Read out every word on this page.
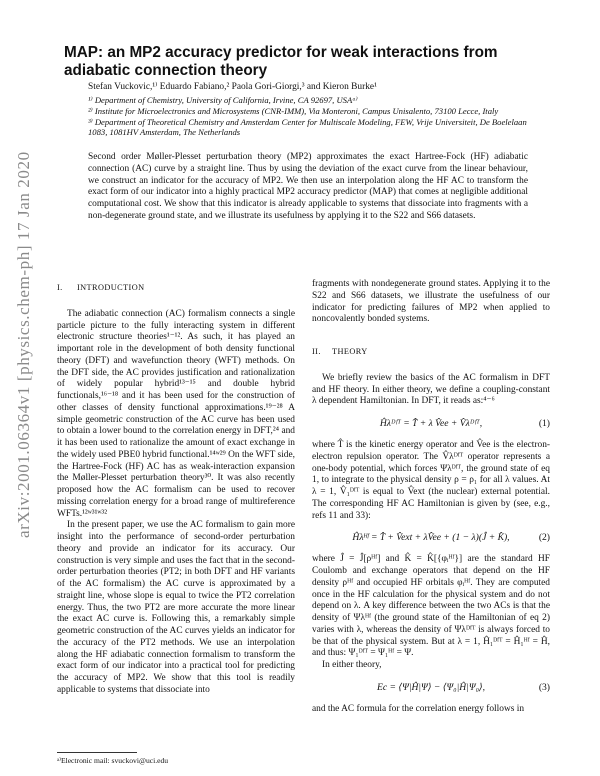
arXiv:2001.06364v1 [physics.chem-ph] 17 Jan 2020
MAP: an MP2 accuracy predictor for weak interactions from adiabatic connection theory
Stefan Vuckovic,¹⁾ Eduardo Fabiano,² Paola Gori-Giorgi,³ and Kieron Burke¹

¹⁾ Department of Chemistry, University of California, Irvine, CA 92697, USAᵃ⁾

²⁾ Institute for Microelectronics and Microsystems (CNR-IMM), Via Monteroni, Campus Unisalento, 73100 Lecce, Italy

³⁾ Department of Theoretical Chemistry and Amsterdam Center for Multiscale Modeling, FEW, Vrije Universiteit, De Boelelaan 1083, 1081HV Amsterdam, The Netherlands

Second order Møller-Plesset perturbation theory (MP2) approximates the exact Hartree-Fock (HF) adiabatic connection (AC) curve by a straight line. Thus by using the deviation of the exact curve from the linear behaviour, we construct an indicator for the accuracy of MP2. We then use an interpolation along the HF AC to transform the exact form of our indicator into a highly practical MP2 accuracy predictor (MAP) that comes at negligible additional computational cost. We show that this indicator is already applicable to systems that dissociate into fragments with a non-degenerate ground state, and we illustrate its usefulness by applying it to the S22 and S66 datasets.
I. INTRODUCTION

The adiabatic connection (AC) formalism connects a single particle picture to the fully interacting system in different electronic structure theories¹⁻¹². As such, it has played an important role in the development of both density functional theory (DFT) and wavefunction theory (WFT) methods. On the DFT side, the AC provides justification and rationalization of widely popular hybrid¹³⁻¹⁵ and double hybrid functionals,¹⁶⁻¹⁸ and it has been used for the construction of other classes of density functional approximations.¹⁹⁻²⁸ A simple geometric construction of the AC curve has been used to obtain a lower bound to the correlation energy in DFT,²⁴ and it has been used to rationalize the amount of exact exchange in the widely used PBE0 hybrid functional.¹⁴ʷ²⁹ On the WFT side, the Hartree-Fock (HF) AC has as weak-interaction expansion the Møller-Plesset perturbation theory³⁰. It was also recently proposed how the AC formalism can be used to recover missing correlation energy for a broad range of multireference WFTs.¹²ʷ³¹ʷ³²

In the present paper, we use the AC formalism to gain more insight into the performance of second-order perturbation theory and provide an indicator for its accuracy. Our construction is very simple and uses the fact that in the second-order perturbation theories (PT2; in both DFT and HF variants of the AC formalism) the AC curve is approximated by a straight line, whose slope is equal to twice the PT2 correlation energy. Thus, the two PT2 are more accurate the more linear the exact AC curve is. Following this, a remarkably simple geometric construction of the AC curves yields an indicator for the accuracy of the PT2 methods. We use an interpolation along the HF adiabatic connection formalism to transform the exact form of our indicator into a practical tool for predicting the accuracy of MP2. We show that this tool is readily applicable to systems that dissociate into

fragments with nondegenerate ground states. Applying it to the S22 and S66 datasets, we illustrate the usefulness of our indicator for predicting failures of MP2 when applied to noncovalently bonded systems.

II. THEORY

We briefly review the basics of the AC formalism in DFT and HF theory. In either theory, we define a coupling-constant λ dependent Hamiltonian. In DFT, it reads as:⁴⁻⁶

Ĥλᴰᶠᵀ = T̂ + λ V̂ee + V̂λᴰᶠᵀ,	(1)

where T̂ is the kinetic energy operator and V̂ee is the electron-electron repulsion operator. The V̂λᴰᶠᵀ operator represents a one-body potential, which forces Ψλᴰᶠᵀ, the ground state of eq 1, to integrate to the physical density ρ = ρ₁ for all λ values. At λ = 1, V̂₁ᴰᶠᵀ is equal to V̂ext (the nuclear) external potential. The corresponding HF AC Hamiltonian is given by (see, e.g., refs 11 and 33):

Ĥλᴴᶠ = T̂ + V̂ext + λV̂ee + (1 − λ)(Ĵ + K̂),	(2)

where Ĵ = Ĵ[ρᴴᶠ] and K̂ = K̂[{φᵢᴴᶠ}] are the standard HF Coulomb and exchange operators that depend on the HF density ρᴴᶠ and occupied HF orbitals φᵢᴴᶠ. They are computed once in the HF calculation for the physical system and do not depend on λ. A key difference between the two ACs is that the density of Ψλᴴᶠ (the ground state of the Hamiltonian of eq 2) varies with λ, whereas the density of Ψλᴰᶠᵀ is always forced to be that of the physical system. But at λ = 1, Ĥ₁ᴰᶠᵀ = Ĥ₁ᴴᶠ = Ĥ, and thus: Ψ₁ᴰᶠᵀ = Ψ₁ᴴᶠ = Ψ.

In either theory,

Ec = ⟨Ψ|Ĥ|Ψ⟩ − ⟨Ψ₀|Ĥ|Ψ₀⟩,	(3)

and the AC formula for the correlation energy follows in

ᵃ⁾Electronic mail: svuckovi@uci.edu
